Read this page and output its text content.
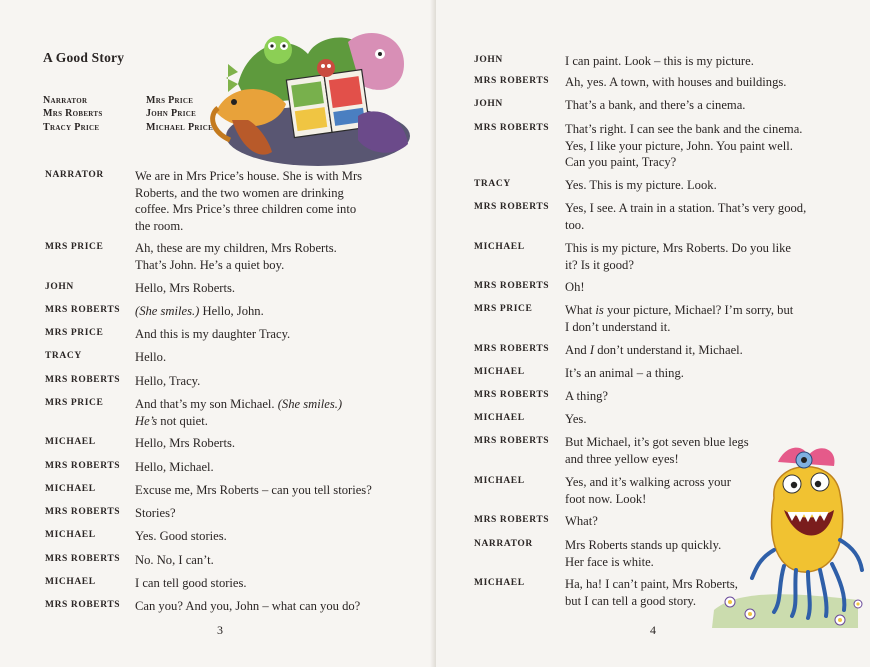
A Good Story
Narrator
Mrs Roberts
Tracy Price
Mrs Price
John Price
Michael Price
NARRATOR We are in Mrs Price’s house. She is with Mrs
Roberts, and the two women are drinking
coffee. Mrs Price’s three children come into
the room.
MRS PRICE	Ah, these are my children, Mrs Roberts.
That’s John. He’s a quiet boy.
JOHN	Hello, Mrs Roberts.
MRS ROBERTS (She smiles.) Hello, John.
MRS PRICE	And this is my daughter Tracy.
TRACY	Hello.
MRS ROBERTS Hello, Tracy.
MRS PRICE	And that’s my son Michael. (She smiles.)
He’s not quiet.
MICHAEL	Hello, Mrs Roberts.
MRS ROBERTS Hello, Michael.
MICHAEL	Excuse me, Mrs Roberts – can you tell stories?
MRS ROBERTS Stories?
MICHAEL	Yes. Good stories.
MRS ROBERTS No. No, I can’t.
MICHAEL	I can tell good stories.
MRS ROBERTS Can you? And you, John – what can you do?
3
JOHN	I can paint. Look – this is my picture.
MRS ROBERTS Ah, yes. A town, with houses and buildings.
JOHN	That’s a bank, and there’s a cinema.
MRS ROBERTS That’s right. I can see the bank and the cinema.
Yes, I like your picture, John. You paint well.
Can you paint, Tracy?
TRACY	Yes. This is my picture. Look.
MRS ROBERTS Yes, I see. A train in a station. That’s very good,
too.
MICHAEL	This is my picture, Mrs Roberts. Do you like
it? Is it good?
MRS ROBERTS Oh!
MRS PRICE	What is your picture, Michael? I’m sorry, but
I don’t understand it.
MRS ROBERTS And I don’t understand it, Michael.
MICHAEL	It’s an animal – a thing.
MRS ROBERTS A thing?
MICHAEL	Yes.
MRS ROBERTS But Michael, it’s got seven blue legs
and three yellow eyes!
MICHAEL	Yes, and it’s walking across your
foot now. Look!
MRS ROBERTS What?
NARRATOR	Mrs Roberts stands up quickly.
Her face is white.
MICHAEL	Ha, ha! I can’t paint, Mrs Roberts,
but I can tell a good story.
4
